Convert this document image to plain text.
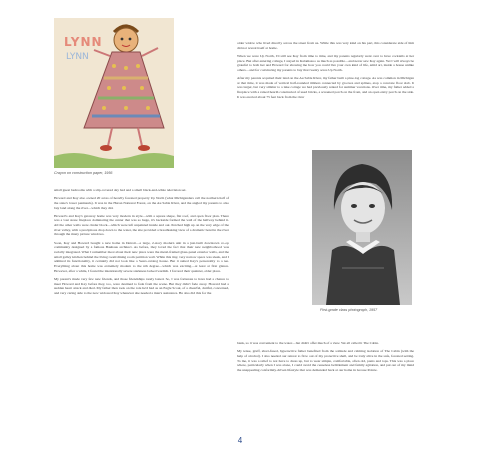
LYNN
LYNN
Crayon on construction paper, 1956

small guest bedrooms with a slip-covered day bed and a small black-and-white television set.

Howard and Kay also owned 20 acres of heavily forested property Up North (what Michiganders call the northern half of the state's lower peninsula). It was in the Huron National Forest, on the Au Sable River, and the angled my parents to also buy land along the river—which they did.

Howard's and Kay's getaway home was very modern in style—with a square shape, flat roof, and open floor plan. There was a vast stone fireplace dominating the center that was so huge, it's backside formed the wall of the hallway behind it. All the other walls were cinder block—which were left unpainted inside and out. Perched high up on the very edge of the river valley, with a precipitous drop down to the water, the site provided a breathtaking view of a dramatic bend in the river through the many picture windows.

Soon, Kay and Howard bought a new home in Detroit—a large, 2-story modern unit in a just-built downtown co-op community designed by a famous Bauhaus architect. As before, they loved the fact that their new neighborhood was racially integrated. What I remember most about their new place were the metal-framed glass-panel exterior walls, and the small galley kitchen behind the living room/dining room partition wall. While this tiny, very narrow space was sleek, and I admired its functionality, it certainly did not look like a Sears-catalog house. But it suited Kay's personality to a tee. Everything about this home was extremely modern to the nth degree—which was exciting—at least at first glance. However, after a while, I found the intentionally severe starkness lacked warmth. I favored their quainter, older place.

My parent's made very few new friends, and those friendships rarely lasted. So, I was fortunate to have had a chance to meet Howard and Kay before they, too, were destined to fade from the scene. But they didn't fade away. Howard had a sudden heart attack and died. My father then took on the role he'd had as an Eagle Scout, of a cheerful, dutiful, concerned, and very caring aide to the now widowed Kay whenever she needed a man's assistance. He also did this for the

older widow who lived directly across the street from us. While this was very kind on his part, this considerate side of him did not reveal itself at home.

When we were Up North, I'd still see Kay from time to time, and my parents regularly went over to have cocktails at her place. But after entering college, I stayed in Kalamazoo as much as possible—and never saw Kay again. Yet I will always be grateful to both her and Howard for showing me how you could live your own kind of life, amid art, inside a house unlike others—and for convincing my parents to buy that twenty acres Up North.

After my parents acquired their land on the Au Sable River, my father built a pine-log cottage. As was common in Michigan at that time, it was made of vertical half-rounded timbers connected by grooves and splines, atop a concrete floor slab. It was larger, but very similar to a lake cottage we had previously rented for summer vacations. Over time, my father added a fireplace with a raised hearth constructed of used bricks, a screened porch on the front, and an open entry porch on the side. It was erected about 75 feet back from the river

First-grade class photograph, 1957

bank, so it was convenient to the water—but didn't offer much of a view. We all called it The Cabin.

My tense, gruff, short-fused, hyperactive father benefited from the solitude and calming isolation of The Cabin (with the help of alcohol). I also needed our retreat to flow out of my protective shell, and be truly alive in the safe, forested setting. To me, it was a relief to not have to dress up, but to wear simple, comfortable, often old, pants and tops. This was a place where, particularly when I was alone, I could avoid the ceaseless belittlement and family agitation, and put out of my mind the unappealing conformity-driven lifestyle that was demanded back at our home in Grosse Pointe.

4
